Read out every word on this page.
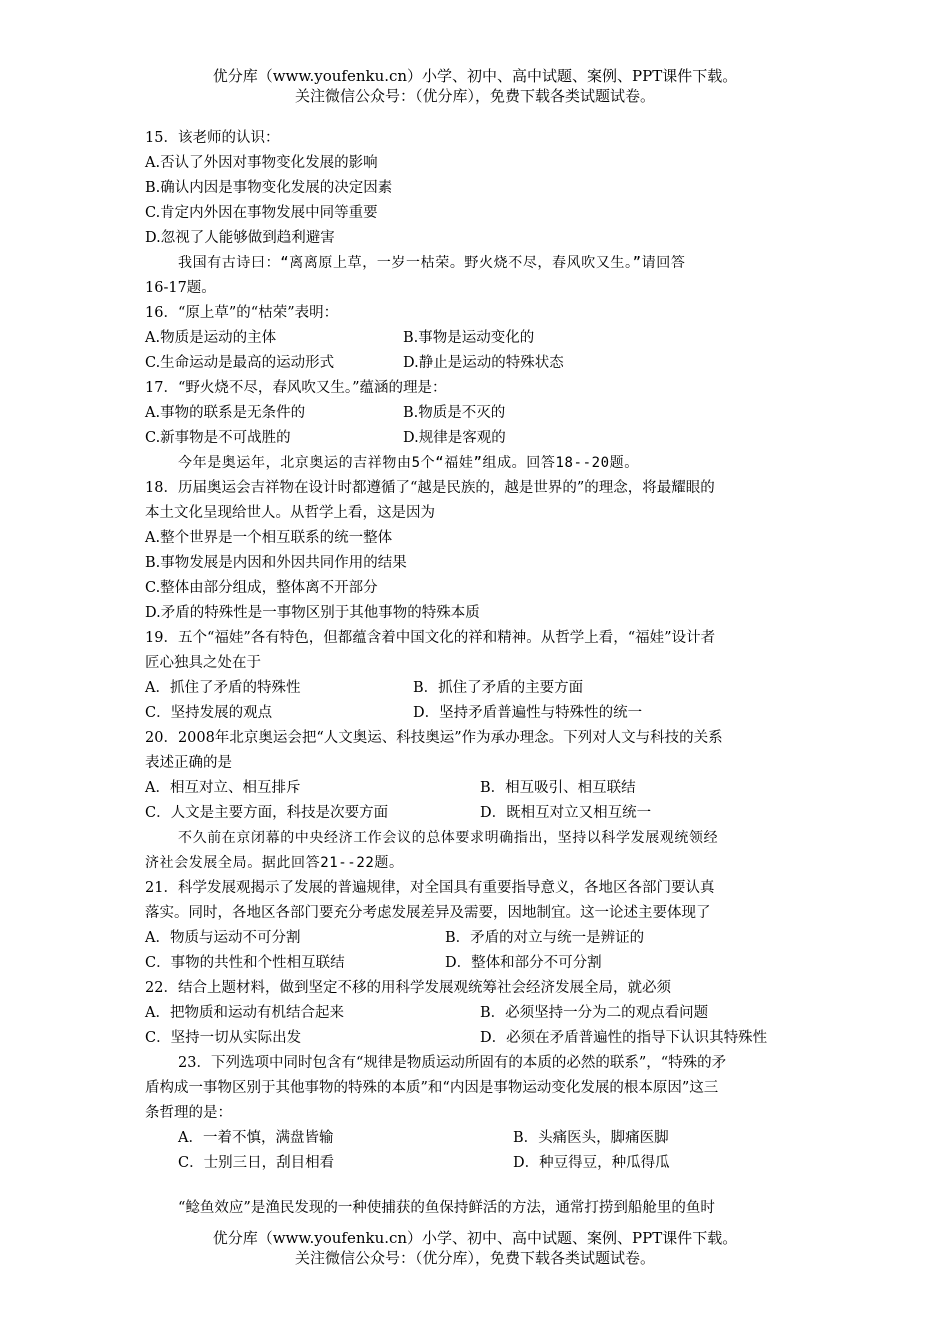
优分库（www.youfenku.cn）小学、初中、高中试题、案例、PPT课件下载。
关注微信公众号：（优分库），免费下载各类试题试卷。
15．该老师的认识：
A.否认了外因对事物变化发展的影响
B.确认内因是事物变化发展的决定因素
C.肯定内外因在事物发展中同等重要
D.忽视了人能够做到趋利避害
我国有古诗曰：“离离原上草，一岁一枯荣。野火烧不尽，春风吹又生。”请回答
16-17题。
16．“原上草”的“枯荣”表明：
A.物质是运动的主体	B.事物是运动变化的
C.生命运动是最高的运动形式	D.静止是运动的特殊状态
17．“野火烧不尽，春风吹又生。”蕴涵的理是：
A.事物的联系是无条件的	B.物质是不灭的
C.新事物是不可战胜的	D.规律是客观的
今年是奥运年，北京奥运的吉祥物由5个“福娃”组成。回答18--20题。
18．历届奥运会吉祥物在设计时都遵循了“越是民族的，越是世界的”的理念，将最耀眼的
本土文化呈现给世人。从哲学上看，这是因为
A.整个世界是一个相互联系的统一整体
B.事物发展是内因和外因共同作用的结果
C.整体由部分组成，整体离不开部分
D.矛盾的特殊性是一事物区别于其他事物的特殊本质
19．五个“福娃”各有特色，但都蕴含着中国文化的祥和精神。从哲学上看，“福娃”设计者
匠心独具之处在于
A．抓住了矛盾的特殊性	B．抓住了矛盾的主要方面
C．坚持发展的观点	D．坚持矛盾普遍性与特殊性的统一
20．2008年北京奥运会把“人文奥运、科技奥运”作为承办理念。下列对人文与科技的关系
表述正确的是
A．相互对立、相互排斥	B．相互吸引、相互联结
C．人文是主要方面，科技是次要方面	D．既相互对立又相互统一
不久前在京闭幕的中央经济工作会议的总体要求明确指出，坚持以科学发展观统领经
济社会发展全局。据此回答21--22题。
21．科学发展观揭示了发展的普遍规律，对全国具有重要指导意义，各地区各部门要认真
落实。同时，各地区各部门要充分考虑发展差异及需要，因地制宜。这一论述主要体现了
A．物质与运动不可分割	B．矛盾的对立与统一是辨证的
C．事物的共性和个性相互联结	D．整体和部分不可分割
22．结合上题材料，做到坚定不移的用科学发展观统筹社会经济发展全局，就必须
A．把物质和运动有机结合起来	B．必须坚持一分为二的观点看问题
C．坚持一切从实际出发	D．必须在矛盾普遍性的指导下认识其特殊性
23．下列选项中同时包含有“规律是物质运动所固有的本质的必然的联系”，“特殊的矛
盾构成一事物区别于其他事物的特殊的本质”和“内因是事物运动变化发展的根本原因”这三
条哲理的是：
A．一着不慎，满盘皆输	B．头痛医头，脚痛医脚
C．士别三日，刮目相看	D．种豆得豆，种瓜得瓜
“鲶鱼效应”是渔民发现的一种使捕获的鱼保持鲜活的方法，通常打捞到船舱里的鱼时
优分库（www.youfenku.cn）小学、初中、高中试题、案例、PPT课件下载。
关注微信公众号：（优分库），免费下载各类试题试卷。
